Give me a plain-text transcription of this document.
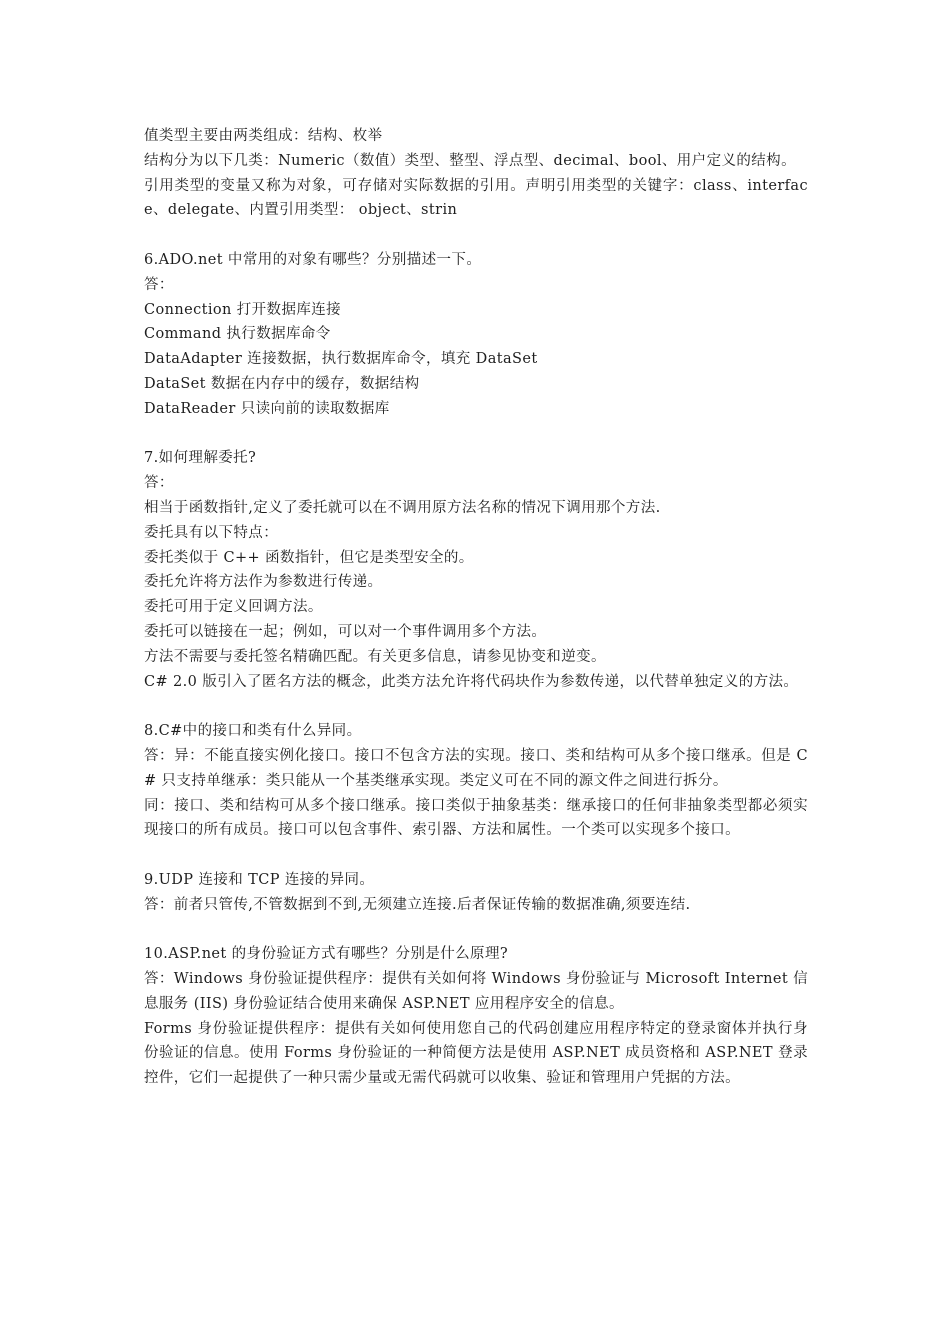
值类型主要由两类组成：结构、枚举
结构分为以下几类：Numeric（数值）类型、整型、浮点型、decimal、bool、用户定义的结构。
引用类型的变量又称为对象，可存储对实际数据的引用。声明引用类型的关键字：class、interface、delegate、内置引用类型： object、strin
6.ADO.net 中常用的对象有哪些？分别描述一下。
答：
Connection 打开数据库连接
Command 执行数据库命令
DataAdapter 连接数据，执行数据库命令，填充 DataSet
DataSet 数据在内存中的缓存，数据结构
DataReader 只读向前的读取数据库
7.如何理解委托?
答：
相当于函数指针,定义了委托就可以在不调用原方法名称的情况下调用那个方法.
委托具有以下特点：
委托类似于 C++ 函数指针，但它是类型安全的。
委托允许将方法作为参数进行传递。
委托可用于定义回调方法。
委托可以链接在一起；例如，可以对一个事件调用多个方法。
方法不需要与委托签名精确匹配。有关更多信息，请参见协变和逆变。
C# 2.0 版引入了匿名方法的概念，此类方法允许将代码块作为参数传递，以代替单独定义的方法。
8.C#中的接口和类有什么异同。
答：异：不能直接实例化接口。接口不包含方法的实现。接口、类和结构可从多个接口继承。但是 C# 只支持单继承：类只能从一个基类继承实现。类定义可在不同的源文件之间进行拆分。
同：接口、类和结构可从多个接口继承。接口类似于抽象基类：继承接口的任何非抽象类型都必须实现接口的所有成员。接口可以包含事件、索引器、方法和属性。一个类可以实现多个接口。
9.UDP 连接和 TCP 连接的异同。
答：前者只管传,不管数据到不到,无须建立连接.后者保证传输的数据准确,须要连结.
10.ASP.net 的身份验证方式有哪些？分别是什么原理?
答：Windows 身份验证提供程序：提供有关如何将 Windows 身份验证与 Microsoft Internet 信息服务 (IIS) 身份验证结合使用来确保 ASP.NET 应用程序安全的信息。
Forms 身份验证提供程序：提供有关如何使用您自己的代码创建应用程序特定的登录窗体并执行身份验证的信息。使用 Forms 身份验证的一种简便方法是使用 ASP.NET 成员资格和 ASP.NET 登录控件，它们一起提供了一种只需少量或无需代码就可以收集、验证和管理用户凭据的方法。
